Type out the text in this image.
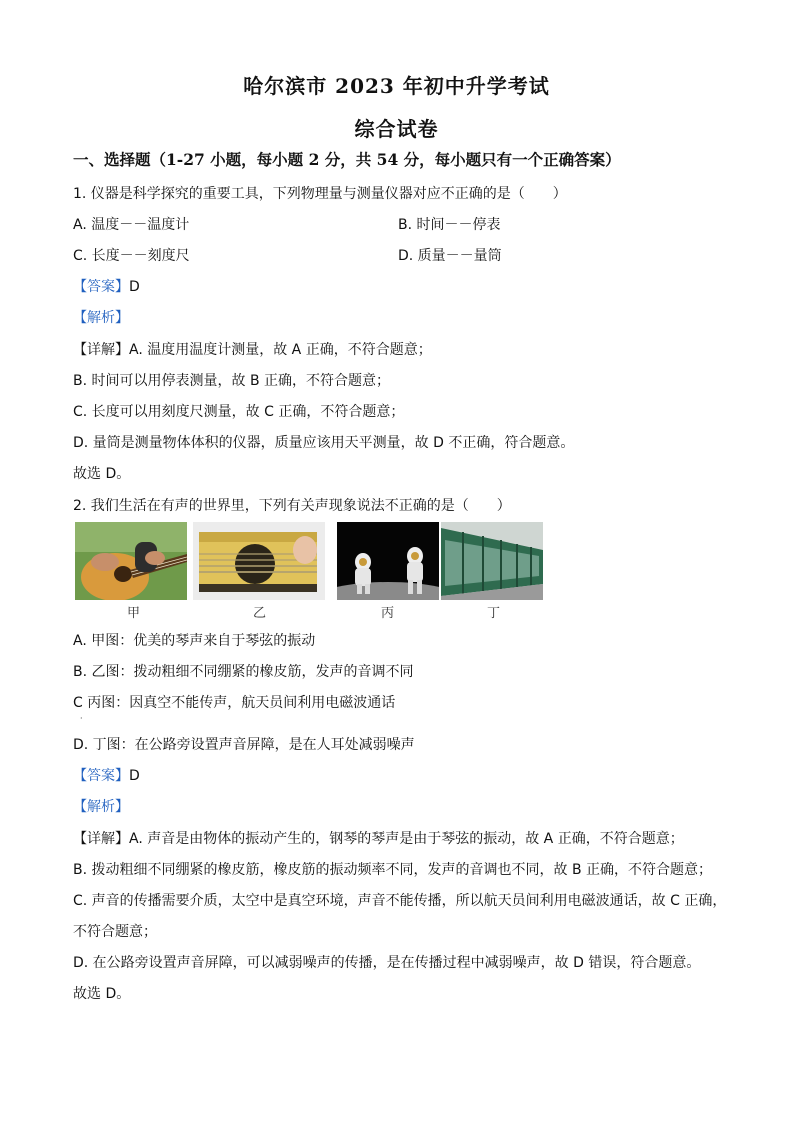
哈尔滨市 2023 年初中升学考试
综合试卷
一、选择题（1-27 小题，每小题 2 分，共 54 分，每小题只有一个正确答案）
1. 仪器是科学探究的重要工具，下列物理量与测量仪器对应不正确的是（　　）
A. 温度－－温度计	B. 时间－－停表
C. 长度－－刻度尺	D. 质量－－量筒
【答案】D
【解析】
【详解】A. 温度用温度计测量，故 A 正确，不符合题意；
B. 时间可以用停表测量，故 B 正确，不符合题意；
C. 长度可以用刻度尺测量，故 C 正确，不符合题意；
D. 量筒是测量物体体积的仪器，质量应该用天平测量，故 D 不正确，符合题意。
故选 D。
2. 我们生活在有声的世界里，下列有关声现象说法不正确的是（　　）
甲	乙	丙	丁
A. 甲图：优美的琴声来自于琴弦的振动
B. 乙图：拨动粗细不同绷紧的橡皮筋，发声的音调不同
C 丙图：因真空不能传声，航天员间利用电磁波通话
·
D. 丁图：在公路旁设置声音屏障，是在人耳处减弱噪声
【答案】D
【解析】
【详解】A. 声音是由物体的振动产生的，钢琴的琴声是由于琴弦的振动，故 A 正确，不符合题意；
B. 拨动粗细不同绷紧的橡皮筋，橡皮筋的振动频率不同，发声的音调也不同，故 B 正确，不符合题意；
C. 声音的传播需要介质，太空中是真空环境，声音不能传播，所以航天员间利用电磁波通话，故 C 正确，
不符合题意；
D. 在公路旁设置声音屏障，可以减弱噪声的传播，是在传播过程中减弱噪声，故 D 错误，符合题意。
故选 D。
